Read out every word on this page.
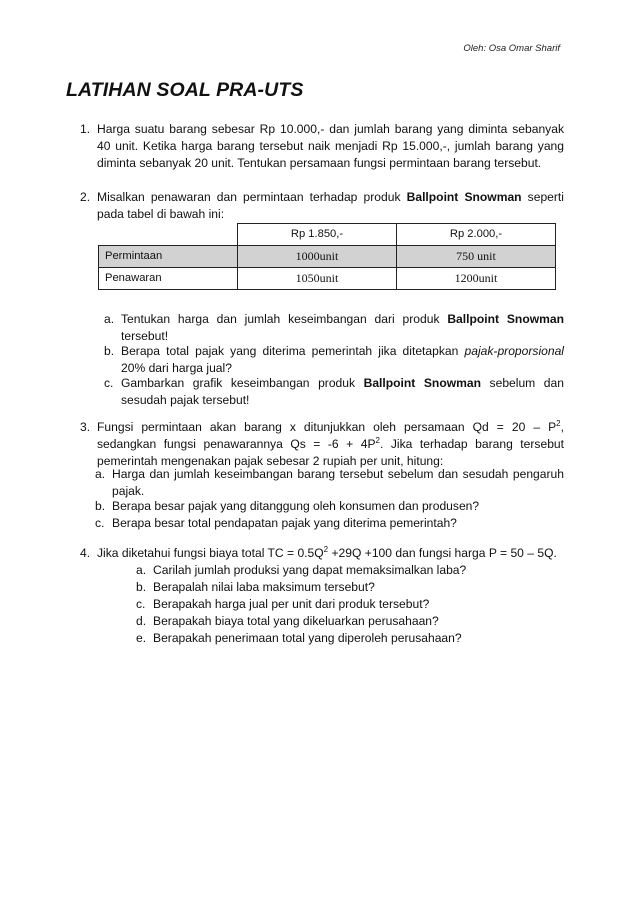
Oleh: Osa Omar Sharif
LATIHAN SOAL PRA-UTS
1. Harga suatu barang sebesar Rp 10.000,- dan jumlah barang yang diminta sebanyak 40 unit. Ketika harga barang tersebut naik menjadi Rp 15.000,-, jumlah barang yang diminta sebanyak 20 unit. Tentukan persamaan fungsi permintaan barang tersebut.
2. Misalkan penawaran dan permintaan terhadap produk Ballpoint Snowman seperti pada tabel di bawah ini:
	Rp 1.850,-	Rp 2.000,-
Permintaan	1000unit	750 unit
Penawaran	1050unit	1200unit
a. Tentukan harga dan jumlah keseimbangan dari produk Ballpoint Snowman tersebut!
b. Berapa total pajak yang diterima pemerintah jika ditetapkan pajak-proporsional 20% dari harga jual?
c. Gambarkan grafik keseimbangan produk Ballpoint Snowman sebelum dan sesudah pajak tersebut!
3. Fungsi permintaan akan barang x ditunjukkan oleh persamaan $Qd = 20 - P^2$, sedangkan fungsi penawarannya $Qs = -6 + 4P^2$. Jika terhadap barang tersebut pemerintah mengenakan pajak sebesar 2 rupiah per unit, hitung:
a. Harga dan jumlah keseimbangan barang tersebut sebelum dan sesudah pengaruh pajak.
b. Berapa besar pajak yang ditanggung oleh konsumen dan produsen?
c. Berapa besar total pendapatan pajak yang diterima pemerintah?
4. Jika diketahui fungsi biaya total TC = $0.5Q^2 +29Q +100$ dan fungsi harga P = 50 – 5Q.
a. Carilah jumlah produksi yang dapat memaksimalkan laba?
b. Berapalah nilai laba maksimum tersebut?
c. Berapakah harga jual per unit dari produk tersebut?
d. Berapakah biaya total yang dikeluarkan perusahaan?
e. Berapakah penerimaan total yang diperoleh perusahaan?
